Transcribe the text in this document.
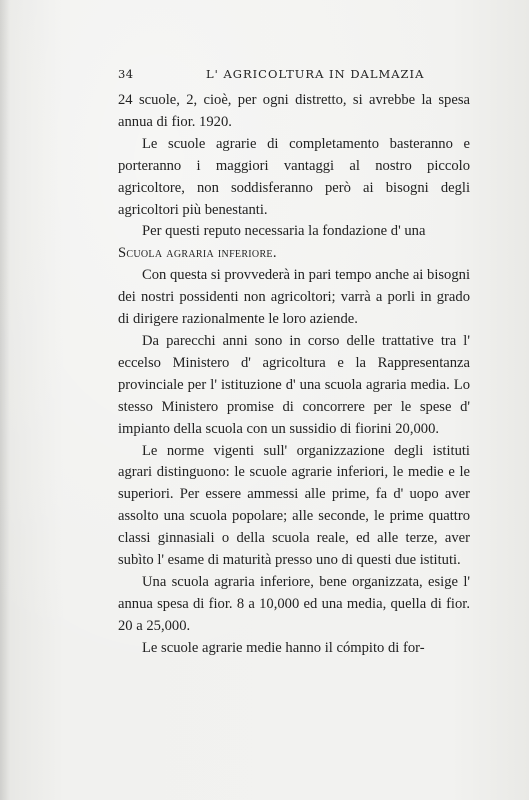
34	L' AGRICOLTURA IN DALMAZIA

24 scuole, 2, cioè, per ogni distretto, si avrebbe la spesa annua di fior. 1920.

Le scuole agrarie di completamento basteranno e porteranno i maggiori vantaggi al nostro piccolo agricoltore, non soddisferanno però ai bisogni degli agricoltori più benestanti.

Per questi reputo necessaria la fondazione d' una

Scuola agraria inferiore.

Con questa si provvederà in pari tempo anche ai bisogni dei nostri possidenti non agricoltori; varrà a porli in grado di dirigere razionalmente le loro aziende.

Da parecchi anni sono in corso delle trattative tra l' eccelso Ministero d' agricoltura e la Rappresentanza provinciale per l' istituzione d' una scuola agraria media. Lo stesso Ministero promise di concorrere per le spese d' impianto della scuola con un sussidio di fiorini 20,000.

Le norme vigenti sull' organizzazione degli istituti agrari distinguono: le scuole agrarie inferiori, le medie e le superiori. Per essere ammessi alle prime, fa d' uopo aver assolto una scuola popolare; alle seconde, le prime quattro classi ginnasiali o della scuola reale, ed alle terze, aver subìto l' esame di maturità presso uno di questi due istituti.

Una scuola agraria inferiore, bene organizzata, esige l' annua spesa di fior. 8 a 10,000 ed una media, quella di fior. 20 a 25,000.

Le scuole agrarie medie hanno il cómpito di for-
